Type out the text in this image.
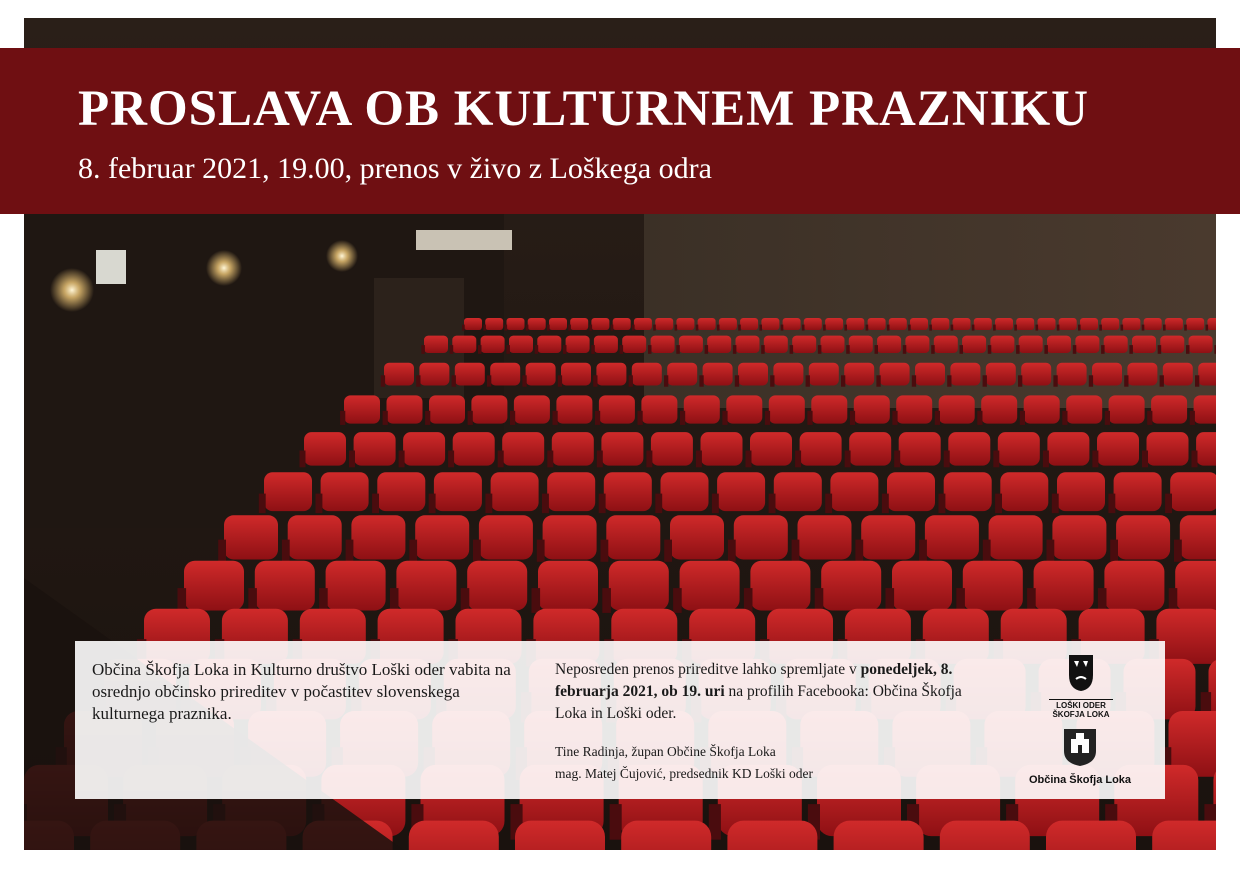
PROSLAVA OB KULTURNEM PRAZNIKU

8. februar 2021, 19.00, prenos v živo z Loškega odra

Občina Škofja Loka in Kulturno društvo Loški oder vabita na osrednjo občinsko prireditev v počastitev slovenskega kulturnega praznika.

Neposreden prenos prireditve lahko spremljate v ponedeljek, 8. februarja 2021, ob 19. uri na profilih Facebooka: Občina Škofja Loka in Loški oder.

Tine Radinja, župan Občine Škofja Loka
mag. Matej Čujović, predsednik KD Loški oder
LOŠKI ODER
ŠKOFJA LOKA
Občina Škofja Loka
